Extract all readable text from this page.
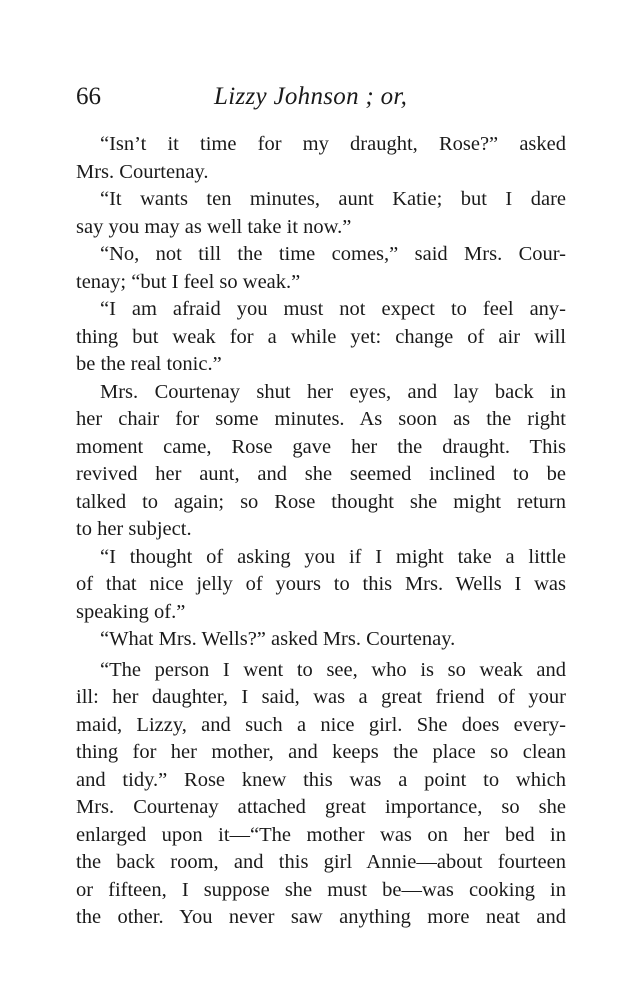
66	Lizzy Johnson ; or,
“Isn’t it time for my draught, Rose?” asked
Mrs. Courtenay.
“It wants ten minutes, aunt Katie; but I dare
say you may as well take it now.”
“No, not till the time comes,” said Mrs. Cour-
tenay; “but I feel so weak.”
“I am afraid you must not expect to feel any-
thing but weak for a while yet: change of air will
be the real tonic.”
Mrs. Courtenay shut her eyes, and lay back in
her chair for some minutes. As soon as the right
moment came, Rose gave her the draught. This
revived her aunt, and she seemed inclined to be
talked to again; so Rose thought she might return
to her subject.
“I thought of asking you if I might take a little
of that nice jelly of yours to this Mrs. Wells I was
speaking of.”
“What Mrs. Wells?” asked Mrs. Courtenay.
“The person I went to see, who is so weak and
ill: her daughter, I said, was a great friend of your
maid, Lizzy, and such a nice girl. She does every-
thing for her mother, and keeps the place so clean
and tidy.” Rose knew this was a point to which
Mrs. Courtenay attached great importance, so she
enlarged upon it—“The mother was on her bed in
the back room, and this girl Annie—about fourteen
or fifteen, I suppose she must be—was cooking in
the other. You never saw anything more neat and
